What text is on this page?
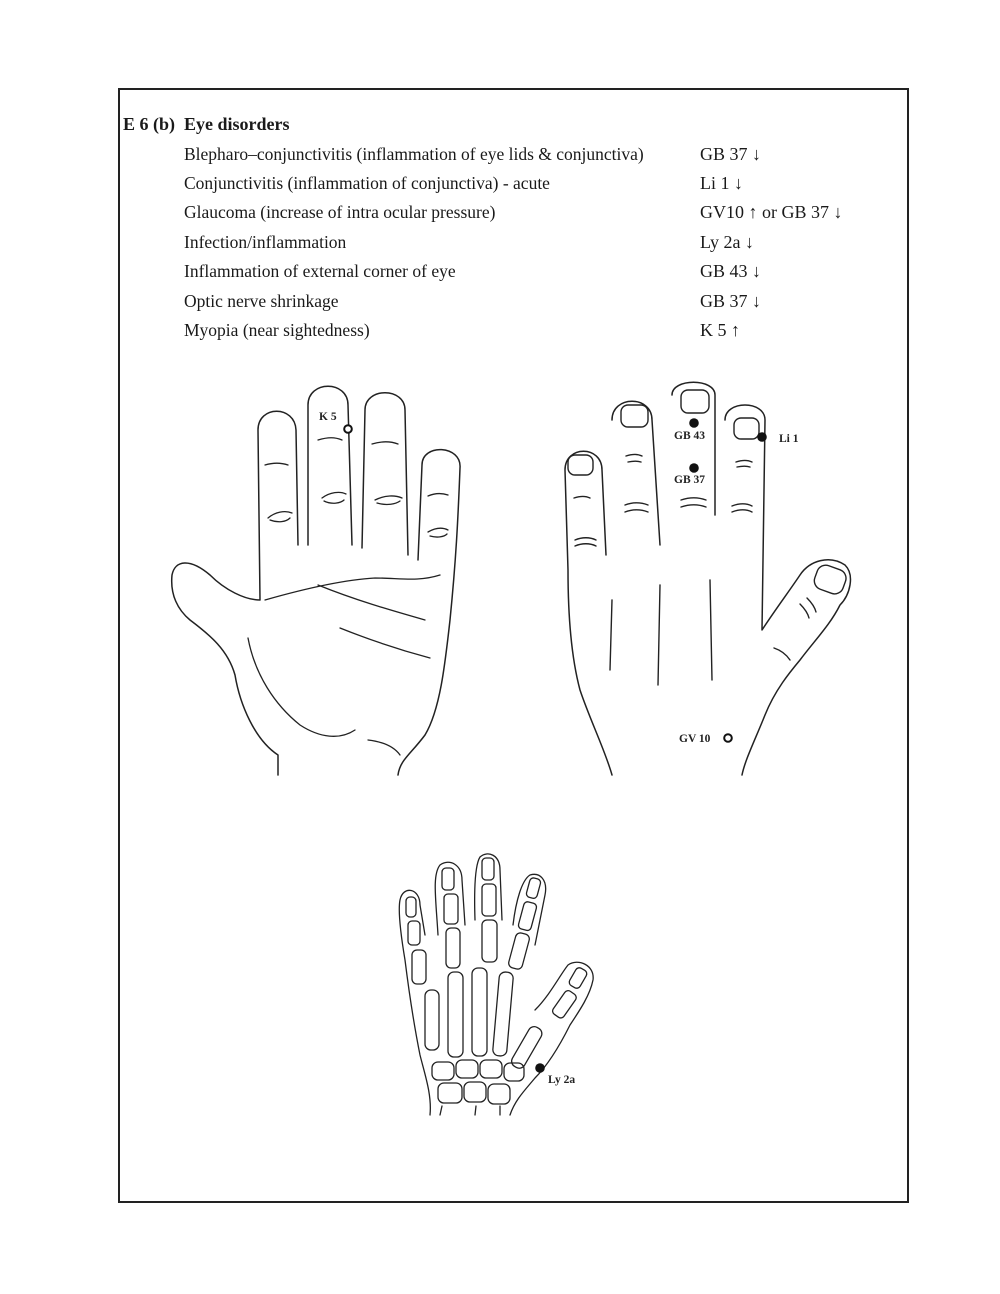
E 6 (b) Eye disorders
Blepharo–conjunctivitis (inflammation of eye lids & conjunctiva)	GB 37 ↓
Conjunctivitis (inflammation of conjunctiva) - acute	Li 1 ↓
Glaucoma (increase of intra ocular pressure)	GV10 ↑ or GB 37 ↓
Infection/inflammation	Ly 2a ↓
Inflammation of external corner of eye	GB 43 ↓
Optic nerve shrinkage	GB 37 ↓
Myopia (near sightedness)	K 5 ↑
K 5
GB 43
GB 37
Li 1
GV 10
Ly 2a
